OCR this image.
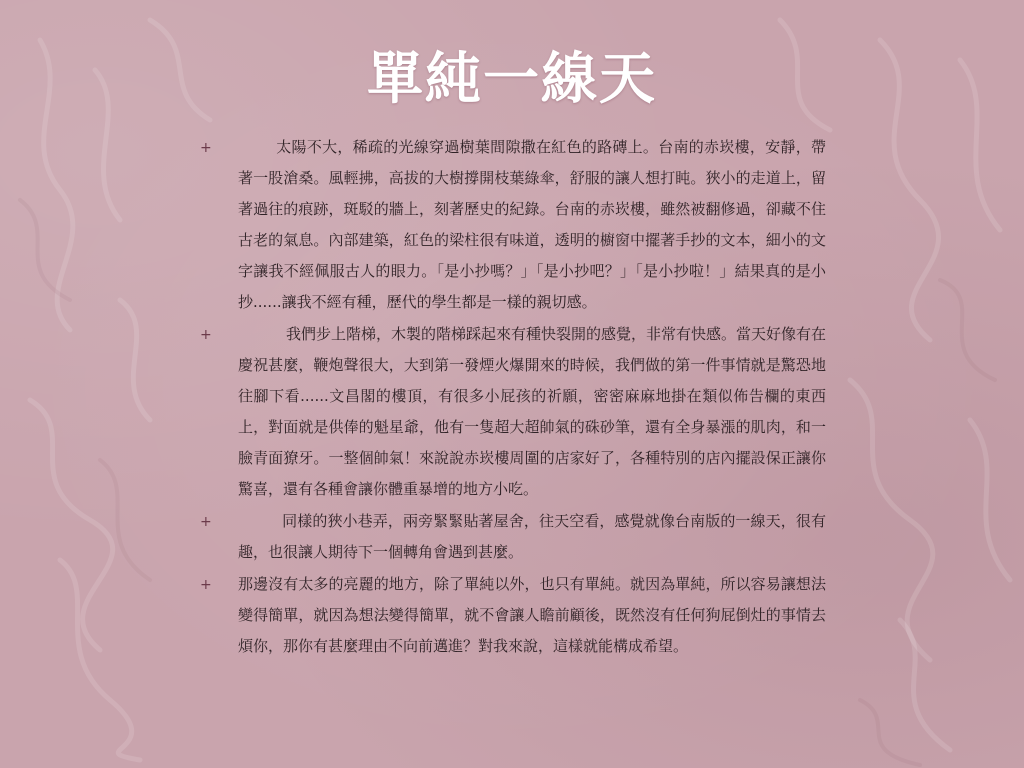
單純一線天
+	太陽不大，稀疏的光線穿過樹葉間隙撒在紅色的路磚上。台南的赤崁樓，安靜，帶著一股滄桑。風輕拂，高拔的大樹撐開枝葉綠傘，舒服的讓人想打盹。狹小的走道上，留著過往的痕跡，斑駁的牆上，刻著歷史的紀錄。台南的赤崁樓，雖然被翻修過，卻藏不住古老的氣息。內部建築，紅色的梁柱很有味道，透明的櫥窗中擺著手抄的文本，細小的文字讓我不經佩服古人的眼力。「是小抄嗎？」「是小抄吧？」「是小抄啦！」結果真的是小抄......讓我不經有種，歷代的學生都是一樣的親切感。

+	我們步上階梯，木製的階梯踩起來有種快裂開的感覺，非常有快感。當天好像有在慶祝甚麼，鞭炮聲很大，大到第一發煙火爆開來的時候，我們做的第一件事情就是驚恐地往腳下看......文昌閣的樓頂，有很多小屁孩的祈願，密密麻麻地掛在類似佈告欄的東西上，對面就是供俸的魁星爺，他有一隻超大超帥氣的硃砂筆，還有全身暴漲的肌肉，和一臉青面獠牙。一整個帥氣！來說說赤崁樓周圍的店家好了，各種特別的店內擺設保正讓你驚喜，還有各種會讓你體重暴增的地方小吃。

+	同樣的狹小巷弄，兩旁緊緊貼著屋舍，往天空看，感覺就像台南版的一線天，很有趣，也很讓人期待下一個轉角會遇到甚麼。

+ 那邊沒有太多的亮麗的地方，除了單純以外，也只有單純。就因為單純，所以容易讓想法變得簡單，就因為想法變得簡單，就不會讓人瞻前顧後，既然沒有任何狗屁倒灶的事情去煩你，那你有甚麼理由不向前邁進？對我來說，這樣就能構成希望。
